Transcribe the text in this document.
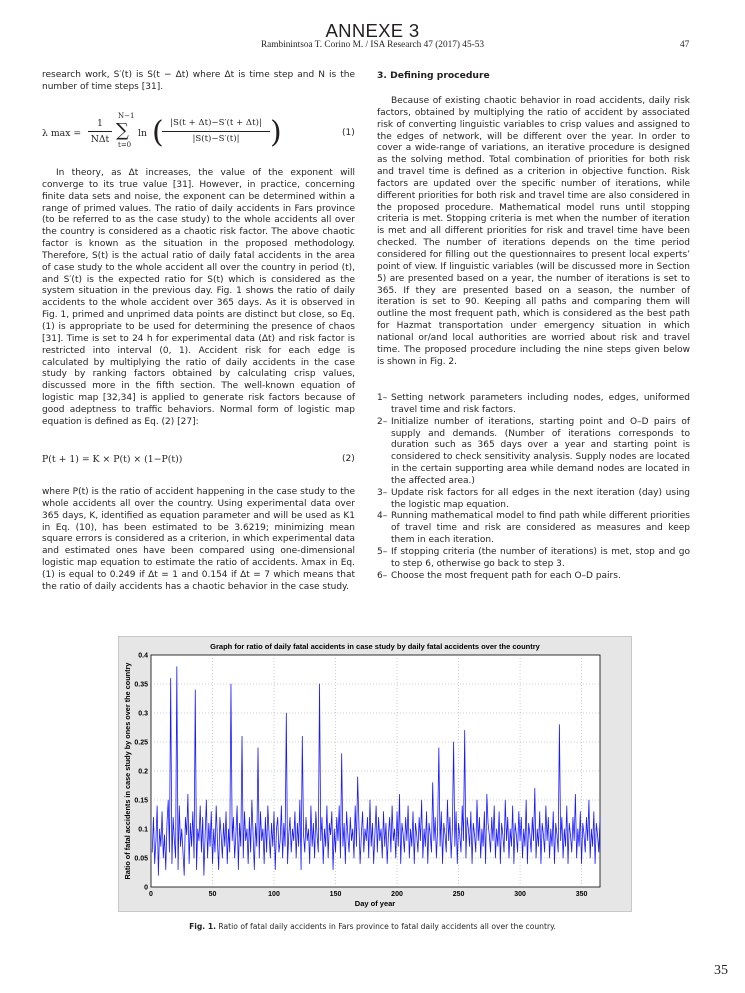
ANNEXE 3
Rambinintsoa T. Corino M. / ISA Research 47 (2017) 45-53	47
research work, S′(t) is S(t − Δt) where Δt is time step and N is the number of time steps [31].
λ max =
1
NΔt
N−1
∑
t=0
ln ( |S(t + Δt)−S′(t + Δt)|
|S(t)−S′(t)|	)	(1)
In theory, as Δt increases, the value of the exponent will converge to its true value [31]. However, in practice, concerning finite data sets and noise, the exponent can be determined within a range of primed values. The ratio of daily accidents in Fars province (to be referred to as the case study) to the whole accidents all over the country is considered as a chaotic risk factor. The above chaotic factor is known as the situation in the proposed methodology. Therefore, S(t) is the actual ratio of daily fatal accidents in the area of case study to the whole accident all over the country in period (t), and S′(t) is the expected ratio for S(t) which is considered as the system situation in the previous day. Fig. 1 shows the ratio of daily accidents to the whole accident over 365 days. As it is observed in Fig. 1, primed and unprimed data points are distinct but close, so Eq. (1) is appropriate to be used for determining the presence of chaos [31]. Time is set to 24 h for experimental data (Δt) and risk factor is restricted into interval (0, 1). Accident risk for each edge is calculated by multiplying the ratio of daily accidents in the case study by ranking factors obtained by calculating crisp values, discussed more in the fifth section. The well-known equation of logistic map [32,34] is applied to generate risk factors because of good adeptness to traffic behaviors. Normal form of logistic map equation is defined as Eq. (2) [27]:
P(t + 1) = K × P(t) × (1−P(t))	(2)
where P(t) is the ratio of accident happening in the case study to the whole accidents all over the country. Using experimental data over 365 days, K, identified as equation parameter and will be used as K1 in Eq. (10), has been estimated to be 3.6219; minimizing mean square errors is considered as a criterion, in which experimental data and estimated ones have been compared using one-dimensional logistic map equation to estimate the ratio of accidents. λmax in Eq. (1) is equal to 0.249 if Δt = 1 and 0.154 if Δt = 7 which means that the ratio of daily accidents has a chaotic behavior in the case study.
3. Defining procedure
Because of existing chaotic behavior in road accidents, daily risk factors, obtained by multiplying the ratio of accident by associated risk of converting linguistic variables to crisp values and assigned to the edges of network, will be different over the year. In order to cover a wide-range of variations, an iterative procedure is designed as the solving method. Total combination of priorities for both risk and travel time is defined as a criterion in objective function. Risk factors are updated over the specific number of iterations, while different priorities for both risk and travel time are also considered in the proposed procedure. Mathematical model runs until stopping criteria is met. Stopping criteria is met when the number of iteration is met and all different priorities for risk and travel time have been checked. The number of iterations depends on the time period considered for filling out the questionnaires to present local experts’ point of view. If linguistic variables (will be discussed more in Section 5) are presented based on a year, the number of iterations is set to 365. If they are presented based on a season, the number of iteration is set to 90. Keeping all paths and comparing them will outline the most frequent path, which is considered as the best path for Hazmat transportation under emergency situation in which national or/and local authorities are worried about risk and travel time. The proposed procedure including the nine steps given below is shown in Fig. 2.
1– Setting network parameters including nodes, edges, uniformed travel time and risk factors.
2– Initialize number of iterations, starting point and O–D pairs of supply and demands. (Number of iterations corresponds to duration such as 365 days over a year and starting point is considered to check sensitivity analysis. Supply nodes are located in the certain supporting area while demand nodes are located in the affected area.)
3– Update risk factors for all edges in the next iteration (day) using the logistic map equation.
4– Running mathematical model to find path while different priorities of travel time and risk are considered as measures and keep them in each iteration.
5– If stopping criteria (the number of iterations) is met, stop and go to step 6, otherwise go back to step 3.
6– Choose the most frequent path for each O–D pairs.
Graph for ratio of daily fatal accidents in case study by daily fatal accidents over the country
0
0.05
0.1
0.15
0.2
0.25
0.3
0.35
0.4
0	50	100	150	200	250	300	350
Day of year
Ratio of fatal accidents in case study by ones over the country
Fig. 1. Ratio of fatal daily accidents in Fars province to fatal daily accidents all over the country.
35
